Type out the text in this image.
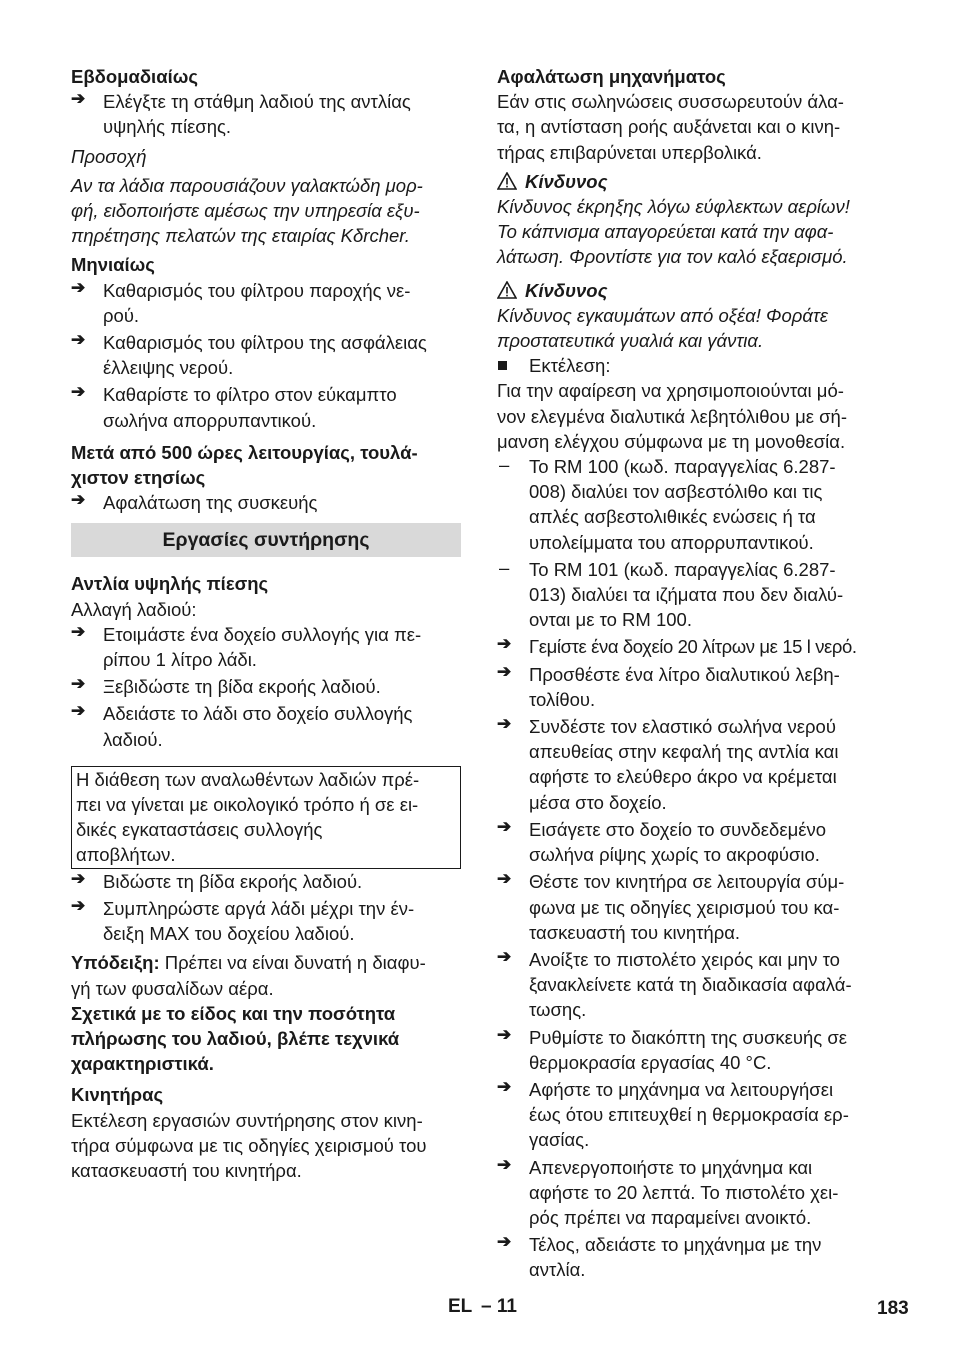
Εβδομαδιαίως
➔ Ελέγξτε τη στάθμη λαδιού της αντλίας
υψηλής πίεσης.
Προσοχή
Αν τα λάδια παρουσιάζουν γαλακτώδη μορ-
φή, ειδοποιήστε αμέσως την υπηρεσία εξυ-
πηρέτησης πελατών της εταιρίας Kδrcher.
Μηνιαίως
➔ Καθαρισμός του φίλτρου παροχής νε-
ρού.
➔ Καθαρισμός του φίλτρου της ασφάλειας
έλλειψης νερού.
➔ Καθαρίστε το φίλτρο στον εύκαμπτο
σωλήνα απορρυπαντικού.
Μετά από 500 ώρες λειτουργίας, τουλά-
χιστον ετησίως
➔ Αφαλάτωση της συσκευής
Εργασίες συντήρησης
Αντλία υψηλής πίεσης
Αλλαγή λαδιού:
➔ Ετοιμάστε ένα δοχείο συλλογής για πε-
ρίπου 1 λίτρο λάδι.
➔ Ξεβιδώστε τη βίδα εκροής λαδιού.
➔ Αδειάστε το λάδι στο δοχείο συλλογής
λαδιού.
Η διάθεση των αναλωθέντων λαδιών πρέ-
πει να γίνεται με οικολογικό τρόπο ή σε ει-
δικές εγκαταστάσεις συλλογής
αποβλήτων.
➔ Βιδώστε τη βίδα εκροής λαδιού.
➔ Συμπληρώστε αργά λάδι μέχρι την έν-
δειξη MAX του δοχείου λαδιού.
Υπόδειξη: Πρέπει να είναι δυνατή η διαφυ-
γή των φυσαλίδων αέρα.
Σχετικά με το είδος και την ποσότητα
πλήρωσης του λαδιού, βλέπε τεχνικά
χαρακτηριστικά.
Κινητήρας
Εκτέλεση εργασιών συντήρησης στον κινη-
τήρα σύμφωνα με τις οδηγίες χειρισμού του
κατασκευαστή του κινητήρα.
Αφαλάτωση μηχανήματος
Εάν στις σωληνώσεις συσσωρευτούν άλα-
τα, η αντίσταση ροής αυξάνεται και ο κινη-
τήρας επιβαρύνεται υπερβολικά.
Κίνδυνος
Κίνδυνος έκρηξης λόγω εύφλεκτων αερίων!
Το κάπνισμα απαγορεύεται κατά την αφα-
λάτωση. Φροντίστε για τον καλό εξαερισμό.
Κίνδυνος
Κίνδυνος εγκαυμάτων από οξέα! Φοράτε
προστατευτικά γυαλιά και γάντια.
Εκτέλεση:
Για την αφαίρεση να χρησιμοποιούνται μό-
νον ελεγμένα διαλυτικά λεβητόλιθου με σή-
μανση ελέγχου σύμφωνα με τη μονοθεσία.
– Το RM 100 (κωδ. παραγγελίας 6.287-
008) διαλύει τον ασβεστόλιθο και τις
απλές ασβεστολιθικές ενώσεις ή τα
υπολείμματα του απορρυπαντικού.
– Το RM 101 (κωδ. παραγγελίας 6.287-
013) διαλύει τα ιζήματα που δεν διαλύ-
ονται με το RM 100.
➔ Γεμίστε ένα δοχείο 20 λίτρων με 15 l νερό.
➔ Προσθέστε ένα λίτρο διαλυτικού λεβη-
τολίθου.
➔ Συνδέστε τον ελαστικό σωλήνα νερού
απευθείας στην κεφαλή της αντλία και
αφήστε το ελεύθερο άκρο να κρέμεται
μέσα στο δοχείο.
➔ Εισάγετε στο δοχείο το συνδεδεμένο
σωλήνα ρίψης χωρίς το ακροφύσιο.
➔ Θέστε τον κινητήρα σε λειτουργία σύμ-
φωνα με τις οδηγίες χειρισμού του κα-
τασκευαστή του κινητήρα.
➔ Ανοίξτε το πιστολέτο χειρός και μην το
ξανακλείνετε κατά τη διαδικασία αφαλά-
τωσης.
➔ Ρυθμίστε το διακόπτη της συσκευής σε
θερμοκρασία εργασίας 40 °C.
➔ Αφήστε το μηχάνημα να λειτουργήσει
έως ότου επιτευχθεί η θερμοκρασία ερ-
γασίας.
➔ Απενεργοποιήστε το μηχάνημα και
αφήστε το 20 λεπτά. Το πιστολέτο χει-
ρός πρέπει να παραμείνει ανοικτό.
➔ Τέλος, αδειάστε το μηχάνημα με την
αντλία.
EL – 11	183
